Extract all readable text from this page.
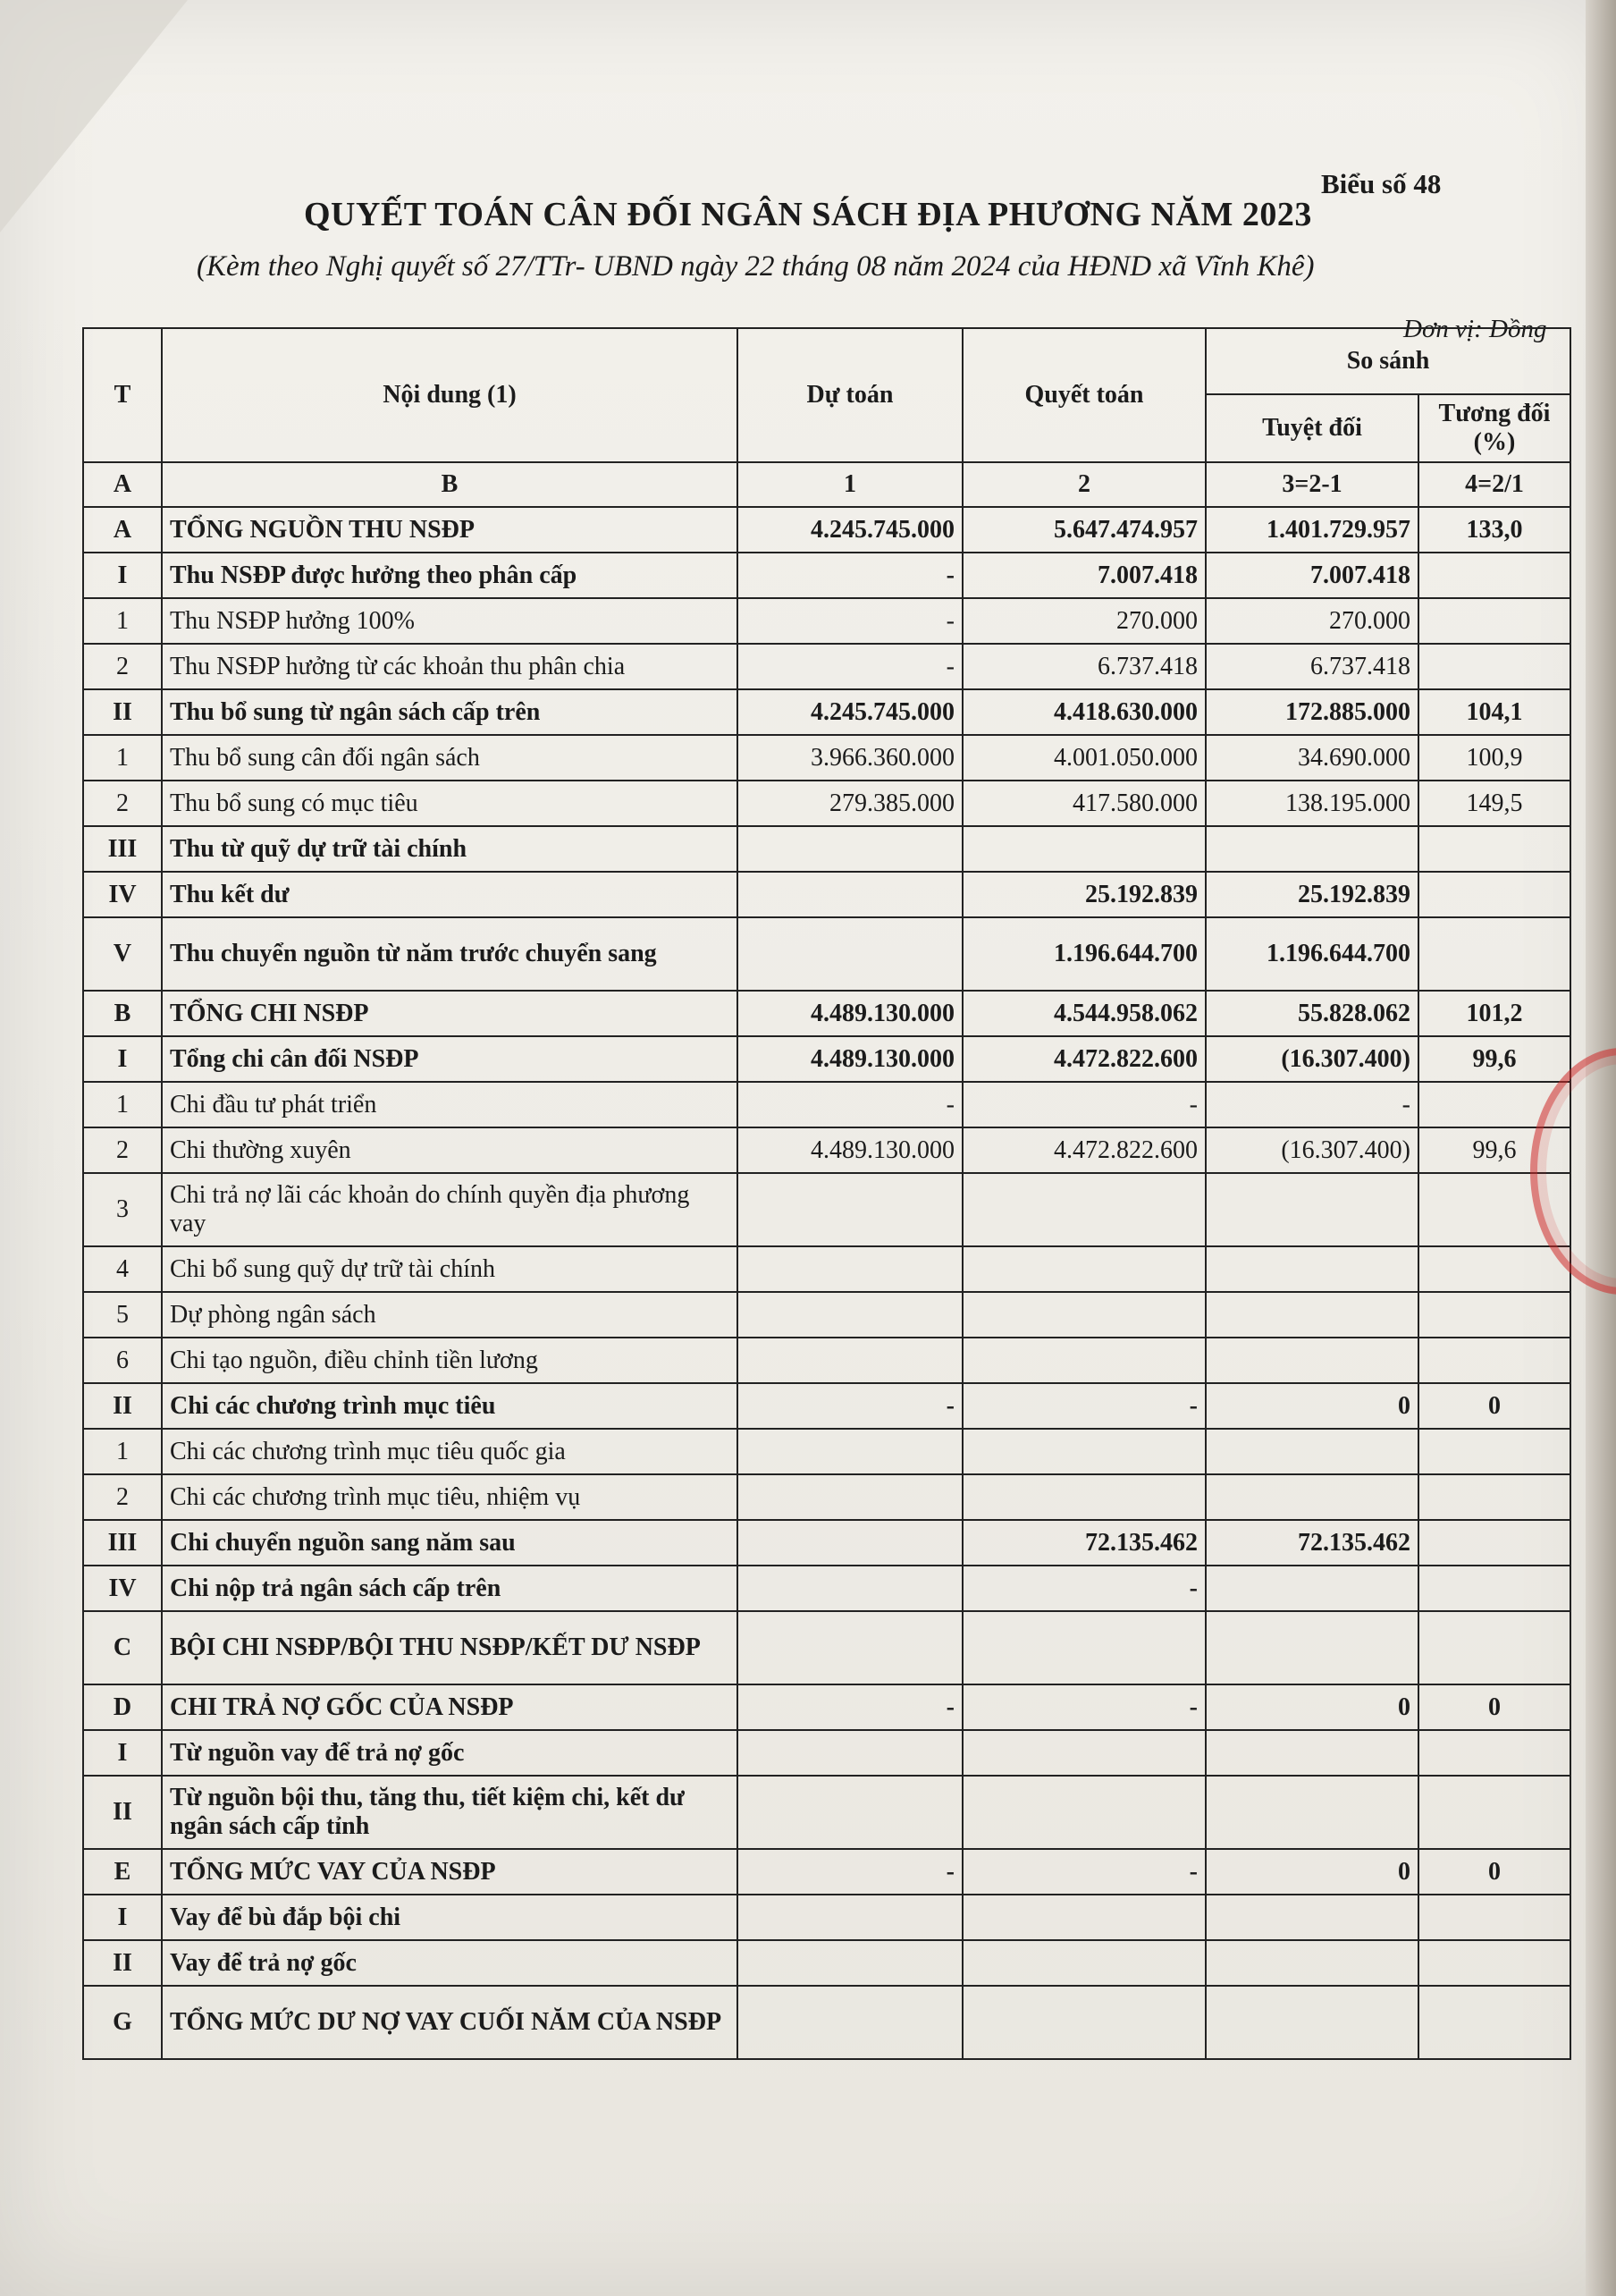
Biểu số 48
QUYẾT TOÁN CÂN ĐỐI NGÂN SÁCH ĐỊA PHƯƠNG NĂM 2023
(Kèm theo Nghị quyết số 27/TTr- UBND ngày 22 tháng 08 năm 2024 của HĐND xã Vĩnh Khê)
Đơn vị: Đồng
T	Nội dung (1)	Dự toán	Quyết toán	So sánh	
				Tuyệt đối	Tương đối (%)
A	B	1	2	3=2-1	4=2/1
A	TỔNG NGUỒN THU NSĐP	4.245.745.000	5.647.474.957	1.401.729.957	133,0
I	Thu NSĐP được hưởng theo phân cấp	-	7.007.418	7.007.418	
1	Thu NSĐP hưởng 100%	-	270.000	270.000	
2	Thu NSĐP hưởng từ các khoản thu phân chia	-	6.737.418	6.737.418	
II	Thu bổ sung từ ngân sách cấp trên	4.245.745.000	4.418.630.000	172.885.000	104,1
1	Thu bổ sung cân đối ngân sách	3.966.360.000	4.001.050.000	34.690.000	100,9
2	Thu bổ sung có mục tiêu	279.385.000	417.580.000	138.195.000	149,5
III	Thu từ quỹ dự trữ tài chính				
IV	Thu kết dư		25.192.839	25.192.839	
V	Thu chuyển nguồn từ năm trước chuyển sang		1.196.644.700	1.196.644.700	
B	TỔNG CHI NSĐP	4.489.130.000	4.544.958.062	55.828.062	101,2
I	Tổng chi cân đối NSĐP	4.489.130.000	4.472.822.600	(16.307.400)	99,6
1	Chi đầu tư phát triển	-	-	-	
2	Chi thường xuyên	4.489.130.000	4.472.822.600	(16.307.400)	99,6
3	Chi trả nợ lãi các khoản do chính quyền địa phương vay				
4	Chi bổ sung quỹ dự trữ tài chính				
5	Dự phòng ngân sách				
6	Chi tạo nguồn, điều chỉnh tiền lương				
II	Chi các chương trình mục tiêu	-	-	0	0
1	Chi các chương trình mục tiêu quốc gia				
2	Chi các chương trình mục tiêu, nhiệm vụ				
III	Chi chuyển nguồn sang năm sau		72.135.462	72.135.462	
IV	Chi nộp trả ngân sách cấp trên		-		
C	BỘI CHI NSĐP/BỘI THU NSĐP/KẾT DƯ NSĐP				
D	CHI TRẢ NỢ GỐC CỦA NSĐP	-	-	0	0
I	Từ nguồn vay để trả nợ gốc				
II	Từ nguồn bội thu, tăng thu, tiết kiệm chi, kết dư ngân sách cấp tỉnh				
E	TỔNG MỨC VAY CỦA NSĐP	-	-	0	0
I	Vay để bù đắp bội chi				
II	Vay để trả nợ gốc				
G	TỔNG MỨC DƯ NỢ VAY CUỐI NĂM CỦA NSĐP				
